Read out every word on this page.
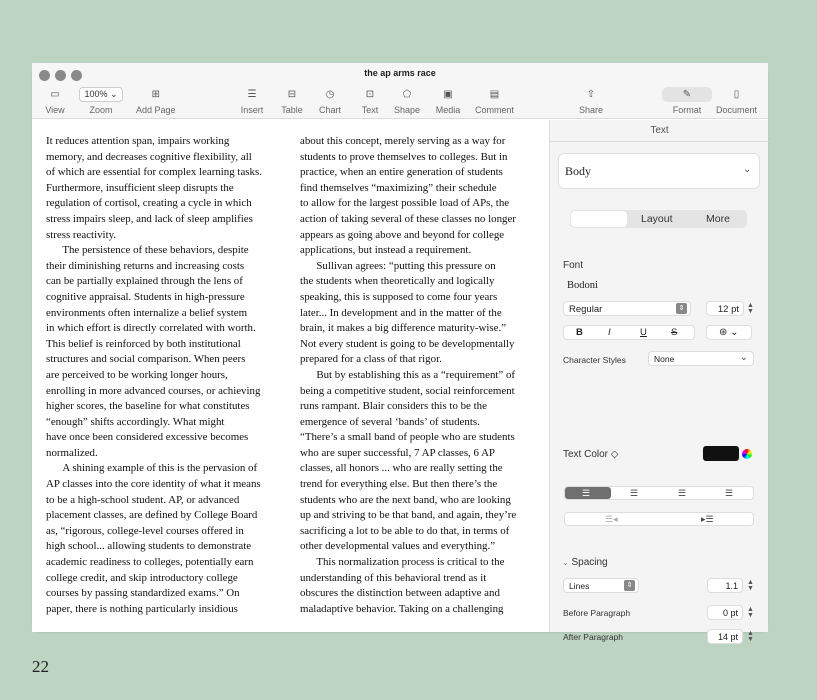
the ap arms race
▭
View
100% ⌄
Zoom
⊞
Add Page
☰
Insert
⊟
Table
◷
Chart
⊡
Text
⬠
Shape
▣
Media
▤
Comment
⇧
Share
✎
Format
▯
Document
It reduces attention span, impairs working
memory, and decreases cognitive flexibility, all
of which are essential for complex learning tasks.
Furthermore, insufficient sleep disrupts the
regulation of cortisol, creating a cycle in which
stress impairs sleep, and lack of sleep amplifies
stress reactivity.
  The persistence of these behaviors, despite
their diminishing returns and increasing costs
can be partially explained through the lens of
cognitive appraisal. Students in high-pressure
environments often internalize a belief system
in which effort is directly correlated with worth.
This belief is reinforced by both institutional
structures and social comparison. When peers
are perceived to be working longer hours,
enrolling in more advanced courses, or achieving
higher scores, the baseline for what constitutes
“enough” shifts accordingly. What might
have once been considered excessive becomes
normalized.
  A shining example of this is the pervasion of
AP classes into the core identity of what it means
to be a high-school student. AP, or advanced
placement classes, are defined by College Board
as, “rigorous, college-level courses offered in
high school... allowing students to demonstrate
academic readiness to colleges, potentially earn
college credit, and skip introductory college
courses by passing standardized exams.” On
paper, there is nothing particularly insidious
about this concept, merely serving as a way for
students to prove themselves to colleges. But in
practice, when an entire generation of students
find themselves “maximizing” their schedule
to allow for the largest possible load of APs, the
action of taking several of these classes no longer
appears as going above and beyond for college
applications, but instead a requirement.
  Sullivan agrees: “putting this pressure on
the students when theoretically and logically
speaking, this is supposed to come four years
later... In development and in the matter of the
brain, it makes a big difference maturity-wise.”
Not every student is going to be developmentally
prepared for a class of that rigor.
  But by establishing this as a “requirement” of
being a competitive student, social reinforcement
runs rampant. Blair considers this to be the
emergence of several ‘bands’ of students.
“There’s a small band of people who are students
who are super successful, 7 AP classes, 6 AP
classes, all honors ... who are really setting the
trend for everything else. But then there’s the
students who are the next band, who are looking
up and striving to be that band, and again, they’re
sacrificing a lot to be able to do that, in terms of
other developmental values and everything.”
  This normalization process is critical to the
understanding of this behavioral trend as it
obscures the distinction between adaptive and
maladaptive behavior. Taking on a challenging
Text
Body	⌄
Layout	More
Font
Bodoni
Regular	⇕	12 pt ▲
▼
B	I	U	S	⊛ ⌄
Character Styles	None	⌄
Text Color ◇
☰	☰	☰	☰
☰◂	▸☰
⌄ Spacing
Lines	⇕	1.1 ▲
▼
Before Paragraph	0 pt ▲
▼
After Paragraph	14 pt ▲
▼
22
